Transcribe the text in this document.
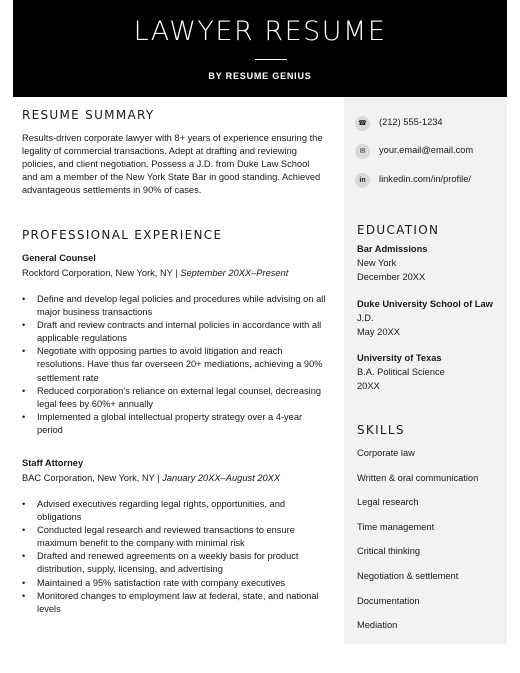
LAWYER RESUME
BY RESUME GENIUS
RESUME SUMMARY
Results-driven corporate lawyer with 8+ years of experience ensuring the legality of commercial transactions. Adept at drafting and reviewing policies, and client negotiation. Possess a J.D. from Duke Law School and am a member of the New York State Bar in good standing. Achieved advantageous settlements in 90% of cases.
PROFESSIONAL EXPERIENCE
General Counsel
Rockford Corporation, New York, NY | September 20XX–Present
• Define and develop legal policies and procedures while advising on all major business transactions
• Draft and review contracts and internal policies in accordance with all applicable regulations
• Negotiate with opposing parties to avoid litigation and reach resolutions. Have thus far overseen 20+ mediations, achieving a 90% settlement rate
• Reduced corporation’s reliance on external legal counsel, decreasing legal fees by 60%+ annually
• Implemented a global intellectual property strategy over a 4-year period
Staff Attorney
BAC Corporation, New York, NY | January 20XX–August 20XX
• Advised executives regarding legal rights, opportunities, and obligations
• Conducted legal research and reviewed transactions to ensure maximum benefit to the company with minimal risk
• Drafted and renewed agreements on a weekly basis for product distribution, supply, licensing, and advertising
• Maintained a 95% satisfaction rate with company executives
• Monitored changes to employment law at federal, state, and national levels
☎	(212) 555-1234
✉	your.email@email.com
in	linkedin.com/in/profile/
EDUCATION
Bar Admissions
New York
December 20XX
Duke University School of Law
J.D.
May 20XX
University of Texas
B.A. Political Science
20XX
SKILLS
Corporate law
Written & oral communication
Legal research
Time management
Critical thinking
Negotiation & settlement
Documentation
Mediation
